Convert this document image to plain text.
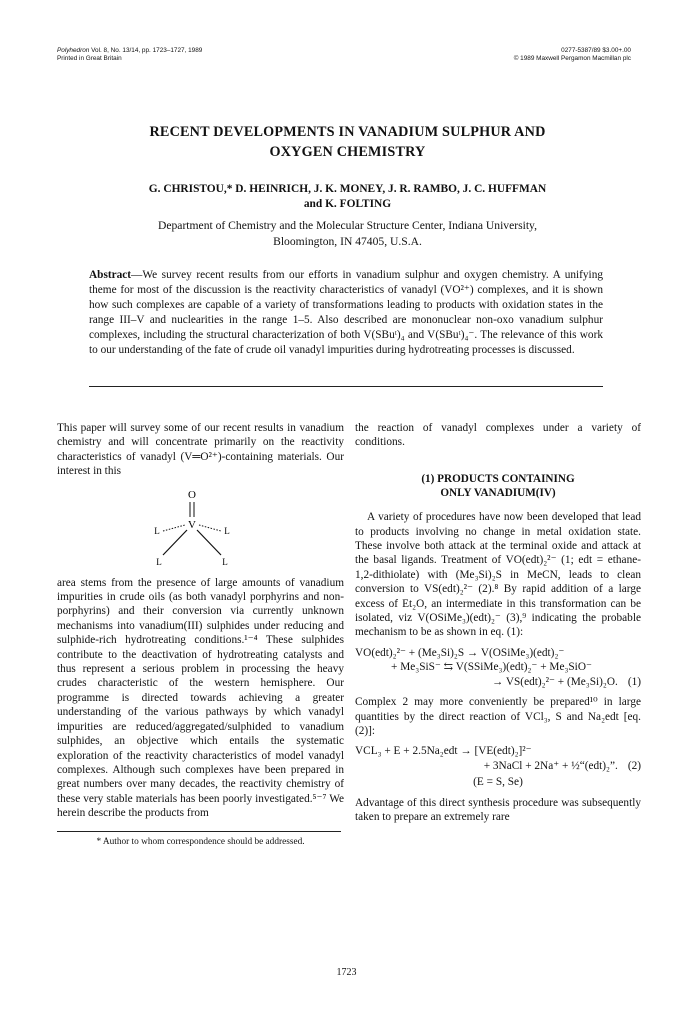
Polyhedron Vol. 8, No. 13/14, pp. 1723–1727, 1989
Printed in Great Britain
0277-5387/89 $3.00+.00
© 1989 Maxwell Pergamon Macmillan plc
RECENT DEVELOPMENTS IN VANADIUM SULPHUR AND
OXYGEN CHEMISTRY
G. CHRISTOU,* D. HEINRICH, J. K. MONEY, J. R. RAMBO, J. C. HUFFMAN
and K. FOLTING
Department of Chemistry and the Molecular Structure Center, Indiana University,
Bloomington, IN 47405, U.S.A.
Abstract—We survey recent results from our efforts in vanadium sulphur and oxygen chemistry. A unifying theme for most of the discussion is the reactivity characteristics of vanadyl (VO²⁺) complexes, and it is shown how such complexes are capable of a variety of transformations leading to products with oxidation states in the range III–V and nuclearities in the range 1–5. Also described are mononuclear non-oxo vanadium sulphur complexes, including the structural characterization of both V(SBuᵗ)₄ and V(SBuᵗ)₄⁻. The relevance of this work to our understanding of the fate of crude oil vanadyl impurities during hydrotreating processes is discussed.

This paper will survey some of our recent results in vanadium chemistry and will concentrate primarily on the reactivity characteristics of vanadyl (V═O²⁺)-containing materials. Our interest in this

O
V
L	L
L	L

area stems from the presence of large amounts of vanadium impurities in crude oils (as both vanadyl porphyrins and non-porphyrins) and their conversion via currently unknown mechanisms into vanadium(III) sulphides under reducing and sulphide-rich hydrotreating conditions.¹⁻⁴ These sulphides contribute to the deactivation of hydrotreating catalysts and thus represent a serious problem in processing the heavy crudes characteristic of the western hemisphere. Our programme is directed towards achieving a greater understanding of the various pathways by which vanadyl impurities are reduced/aggregated/sulphided to vanadium sulphides, an objective which entails the systematic exploration of the reactivity characteristics of model vanadyl complexes. Although such complexes have been prepared in great numbers over many decades, the reactivity chemistry of these very stable materials has been poorly investigated.⁵⁻⁷ We herein describe the products from

* Author to whom correspondence should be addressed.

the reaction of vanadyl complexes under a variety of conditions.

(1) PRODUCTS CONTAINING
ONLY VANADIUM(IV)

A variety of procedures have now been developed that lead to products involving no change in metal oxidation state. These involve both attack at the terminal oxide and attack at the basal ligands. Treatment of VO(edt)₂²⁻ (1; edt = ethane-1,2-dithiolate) with (Me₃Si)₂S in MeCN, leads to clean conversion to VS(edt)₂²⁻ (2).⁸ By rapid addition of a large excess of Et₂O, an intermediate in this transformation can be isolated, viz V(OSiMe₃)(edt)₂⁻ (3),⁹ indicating the probable mechanism to be as shown in eq. (1):

VO(edt)₂²⁻ + (Me₃Si)₂S → V(OSiMe₃)(edt)₂⁻
+ Me₃SiS⁻ ⇆ V(SSiMe₃)(edt)₂⁻ + Me₃SiO⁻
→ VS(edt)₂²⁻ + (Me₃Si)₂O. (1)

Complex 2 may more conveniently be prepared¹⁰ in large quantities by the direct reaction of VCl₃, S and Na₂edt [eq. (2)]:

VCL₃ + E + 2.5Na₂edt → [VE(edt)₂]²⁻
+ 3NaCl + 2Na⁺ + ½“(edt)₂”. (2)
(E = S, Se)

Advantage of this direct synthesis procedure was subsequently taken to prepare an extremely rare

1723
